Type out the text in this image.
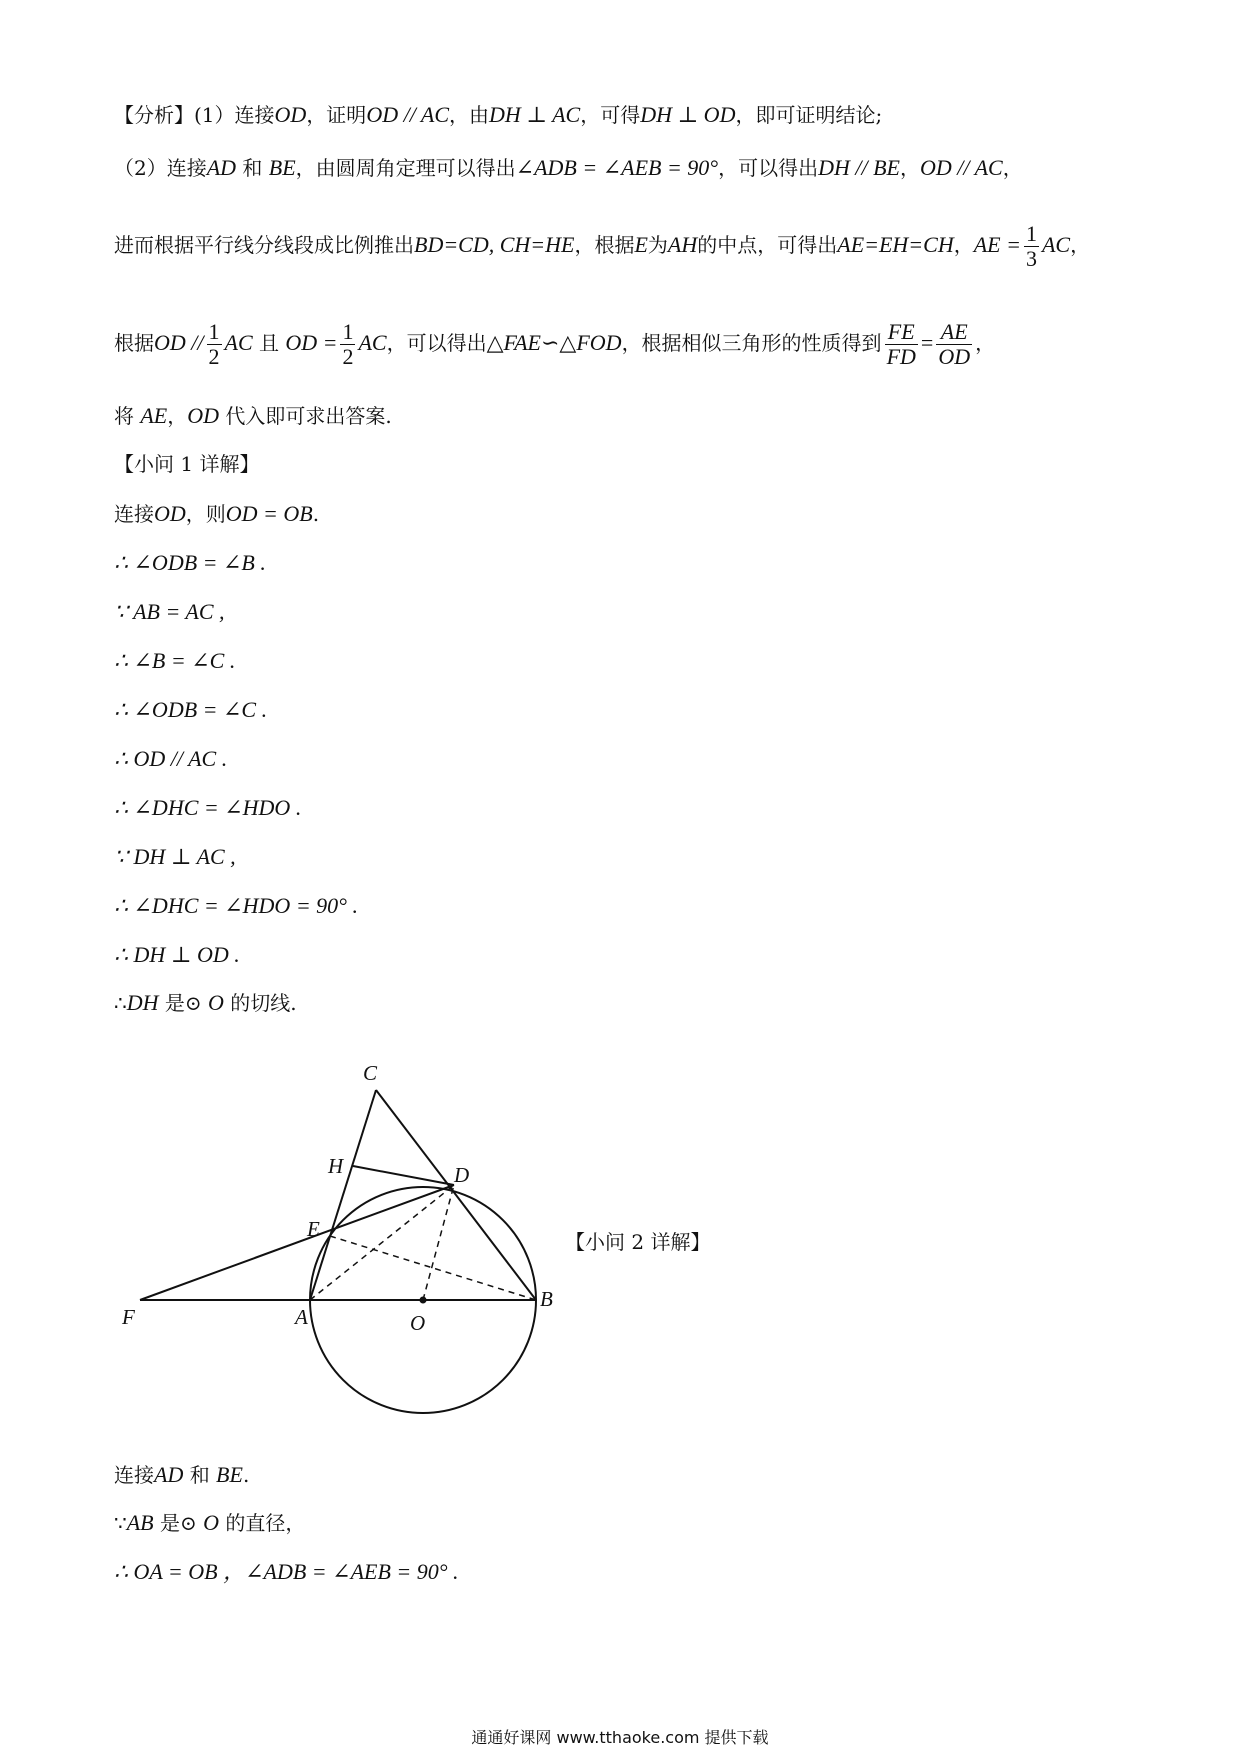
【分析】(1）连接OD，证明OD // AC，由DH ⊥ AC，可得DH ⊥ OD，即可证明结论;
（2）连接AD 和 BE，由圆周角定理可以得出∠ADB = ∠AEB = 90°，可以得出DH // BE，OD // AC，
进而根据平行线分线段成比例推出BD=CD, CH=HE，根据E为AH的中点，可得出AE=EH=CH，AE = $\frac{1}{3}$ AC，
根据OD // $\frac{1}{2}$ AC 且 OD = $\frac{1}{2}$ AC，可以得出△FAE∽△FOD，根据相似三角形的性质得到 $\frac{FE}{FD} = \frac{AE}{OD}$ ，
将 AE，OD 代入即可求出答案.
【小问 1 详解】
连接OD，则OD = OB.
∴ ∠ODB = ∠B .
∵ AB = AC ,
∴ ∠B = ∠C .
∴ ∠ODB = ∠C .
∴ OD // AC .
∴ ∠DHC = ∠HDO .
∵ DH ⊥ AC ,
∴ ∠DHC = ∠HDO = 90° .
∴ DH ⊥ OD .
∴DH 是⊙ O 的切线.
C
H	D
E
F	A	O
B
【小问 2 详解】
连接AD 和 BE.
∵AB 是⊙ O 的直径，
∴ OA = OB ，∠ADB = ∠AEB = 90° .
通通好课网 www.tthaoke.com 提供下载
